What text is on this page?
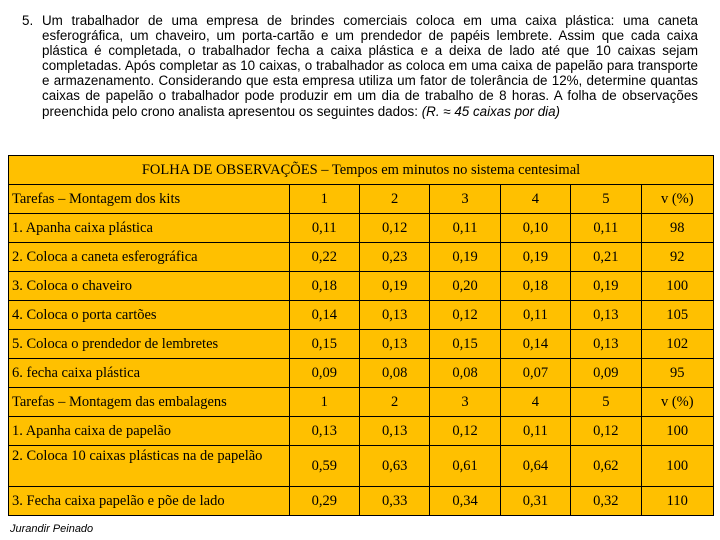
5. Um trabalhador de uma empresa de brindes comerciais coloca em uma caixa plástica: uma caneta esferográfica, um chaveiro, um porta-cartão e um prendedor de papéis lembrete. Assim que cada caixa plástica é completada, o trabalhador fecha a caixa plástica e a deixa de lado até que 10 caixas sejam completadas. Após completar as 10 caixas, o trabalhador as coloca em uma caixa de papelão para transporte e armazenamento. Considerando que esta empresa utiliza um fator de tolerância de 12%, determine quantas caixas de papelão o trabalhador pode produzir em um dia de trabalho de 8 horas. A folha de observações preenchida pelo crono analista apresentou os seguintes dados: (R. ≈ 45 caixas por dia)
FOLHA DE OBSERVAÇÕES – Tempos em minutos no sistema centesimal						
Tarefas – Montagem dos kits	1	2	3	4	5	v (%)
1. Apanha caixa plástica	0,11	0,12	0,11	0,10	0,11	98
2. Coloca a caneta esferográfica	0,22	0,23	0,19	0,19	0,21	92
3. Coloca o chaveiro	0,18	0,19	0,20	0,18	0,19	100
4. Coloca o porta cartões	0,14	0,13	0,12	0,11	0,13	105
5. Coloca o prendedor de lembretes	0,15	0,13	0,15	0,14	0,13	102
6. fecha caixa plástica	0,09	0,08	0,08	0,07	0,09	95
Tarefas – Montagem das embalagens	1	2	3	4	5	v (%)
1. Apanha caixa de papelão	0,13	0,13	0,12	0,11	0,12	100
2. Coloca 10 caixas plásticas na de papelão	0,59	0,63	0,61	0,64	0,62	100
3. Fecha caixa papelão e põe de lado	0,29	0,33	0,34	0,31	0,32	110
Jurandir Peinado
